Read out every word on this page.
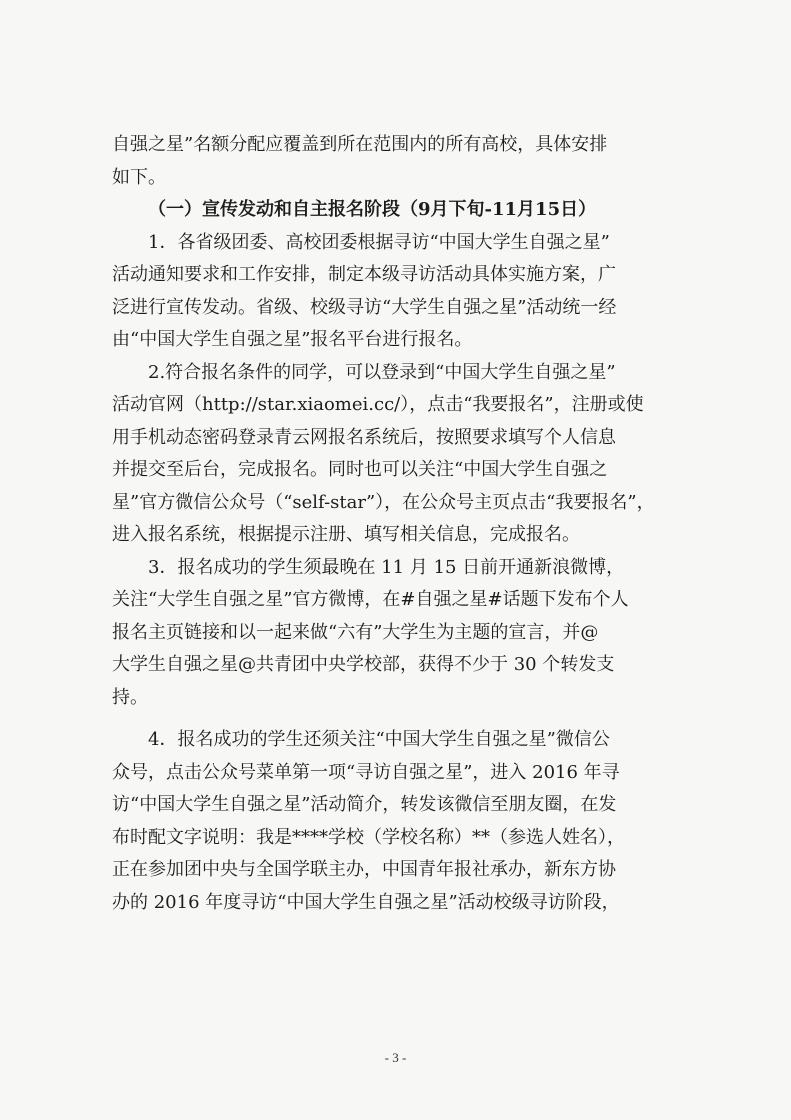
自强之星”名额分配应覆盖到所在范围内的所有高校，具体安排
如下。
（一）宣传发动和自主报名阶段（9月下旬-11月15日）
1．各省级团委、高校团委根据寻访“中国大学生自强之星”
活动通知要求和工作安排，制定本级寻访活动具体实施方案，广
泛进行宣传发动。省级、校级寻访“大学生自强之星”活动统一经
由“中国大学生自强之星”报名平台进行报名。
2.符合报名条件的同学，可以登录到“中国大学生自强之星”
活动官网（http://star.xiaomei.cc/），点击“我要报名”，注册或使
用手机动态密码登录青云网报名系统后，按照要求填写个人信息
并提交至后台，完成报名。同时也可以关注“中国大学生自强之
星”官方微信公众号（“self-star”），在公众号主页点击“我要报名”，
进入报名系统，根据提示注册、填写相关信息，完成报名。
3．报名成功的学生须最晚在 11 月 15 日前开通新浪微博，
关注“大学生自强之星”官方微博，在#自强之星#话题下发布个人
报名主页链接和以一起来做“六有”大学生为主题的宣言，并@
大学生自强之星@共青团中央学校部，获得不少于 30 个转发支
持。
4．报名成功的学生还须关注“中国大学生自强之星”微信公
众号，点击公众号菜单第一项“寻访自强之星”，进入 2016 年寻
访“中国大学生自强之星”活动简介，转发该微信至朋友圈，在发
布时配文字说明：我是****学校（学校名称）**（参选人姓名），
正在参加团中央与全国学联主办，中国青年报社承办，新东方协
办的 2016 年度寻访“中国大学生自强之星”活动校级寻访阶段，
- 3 -
